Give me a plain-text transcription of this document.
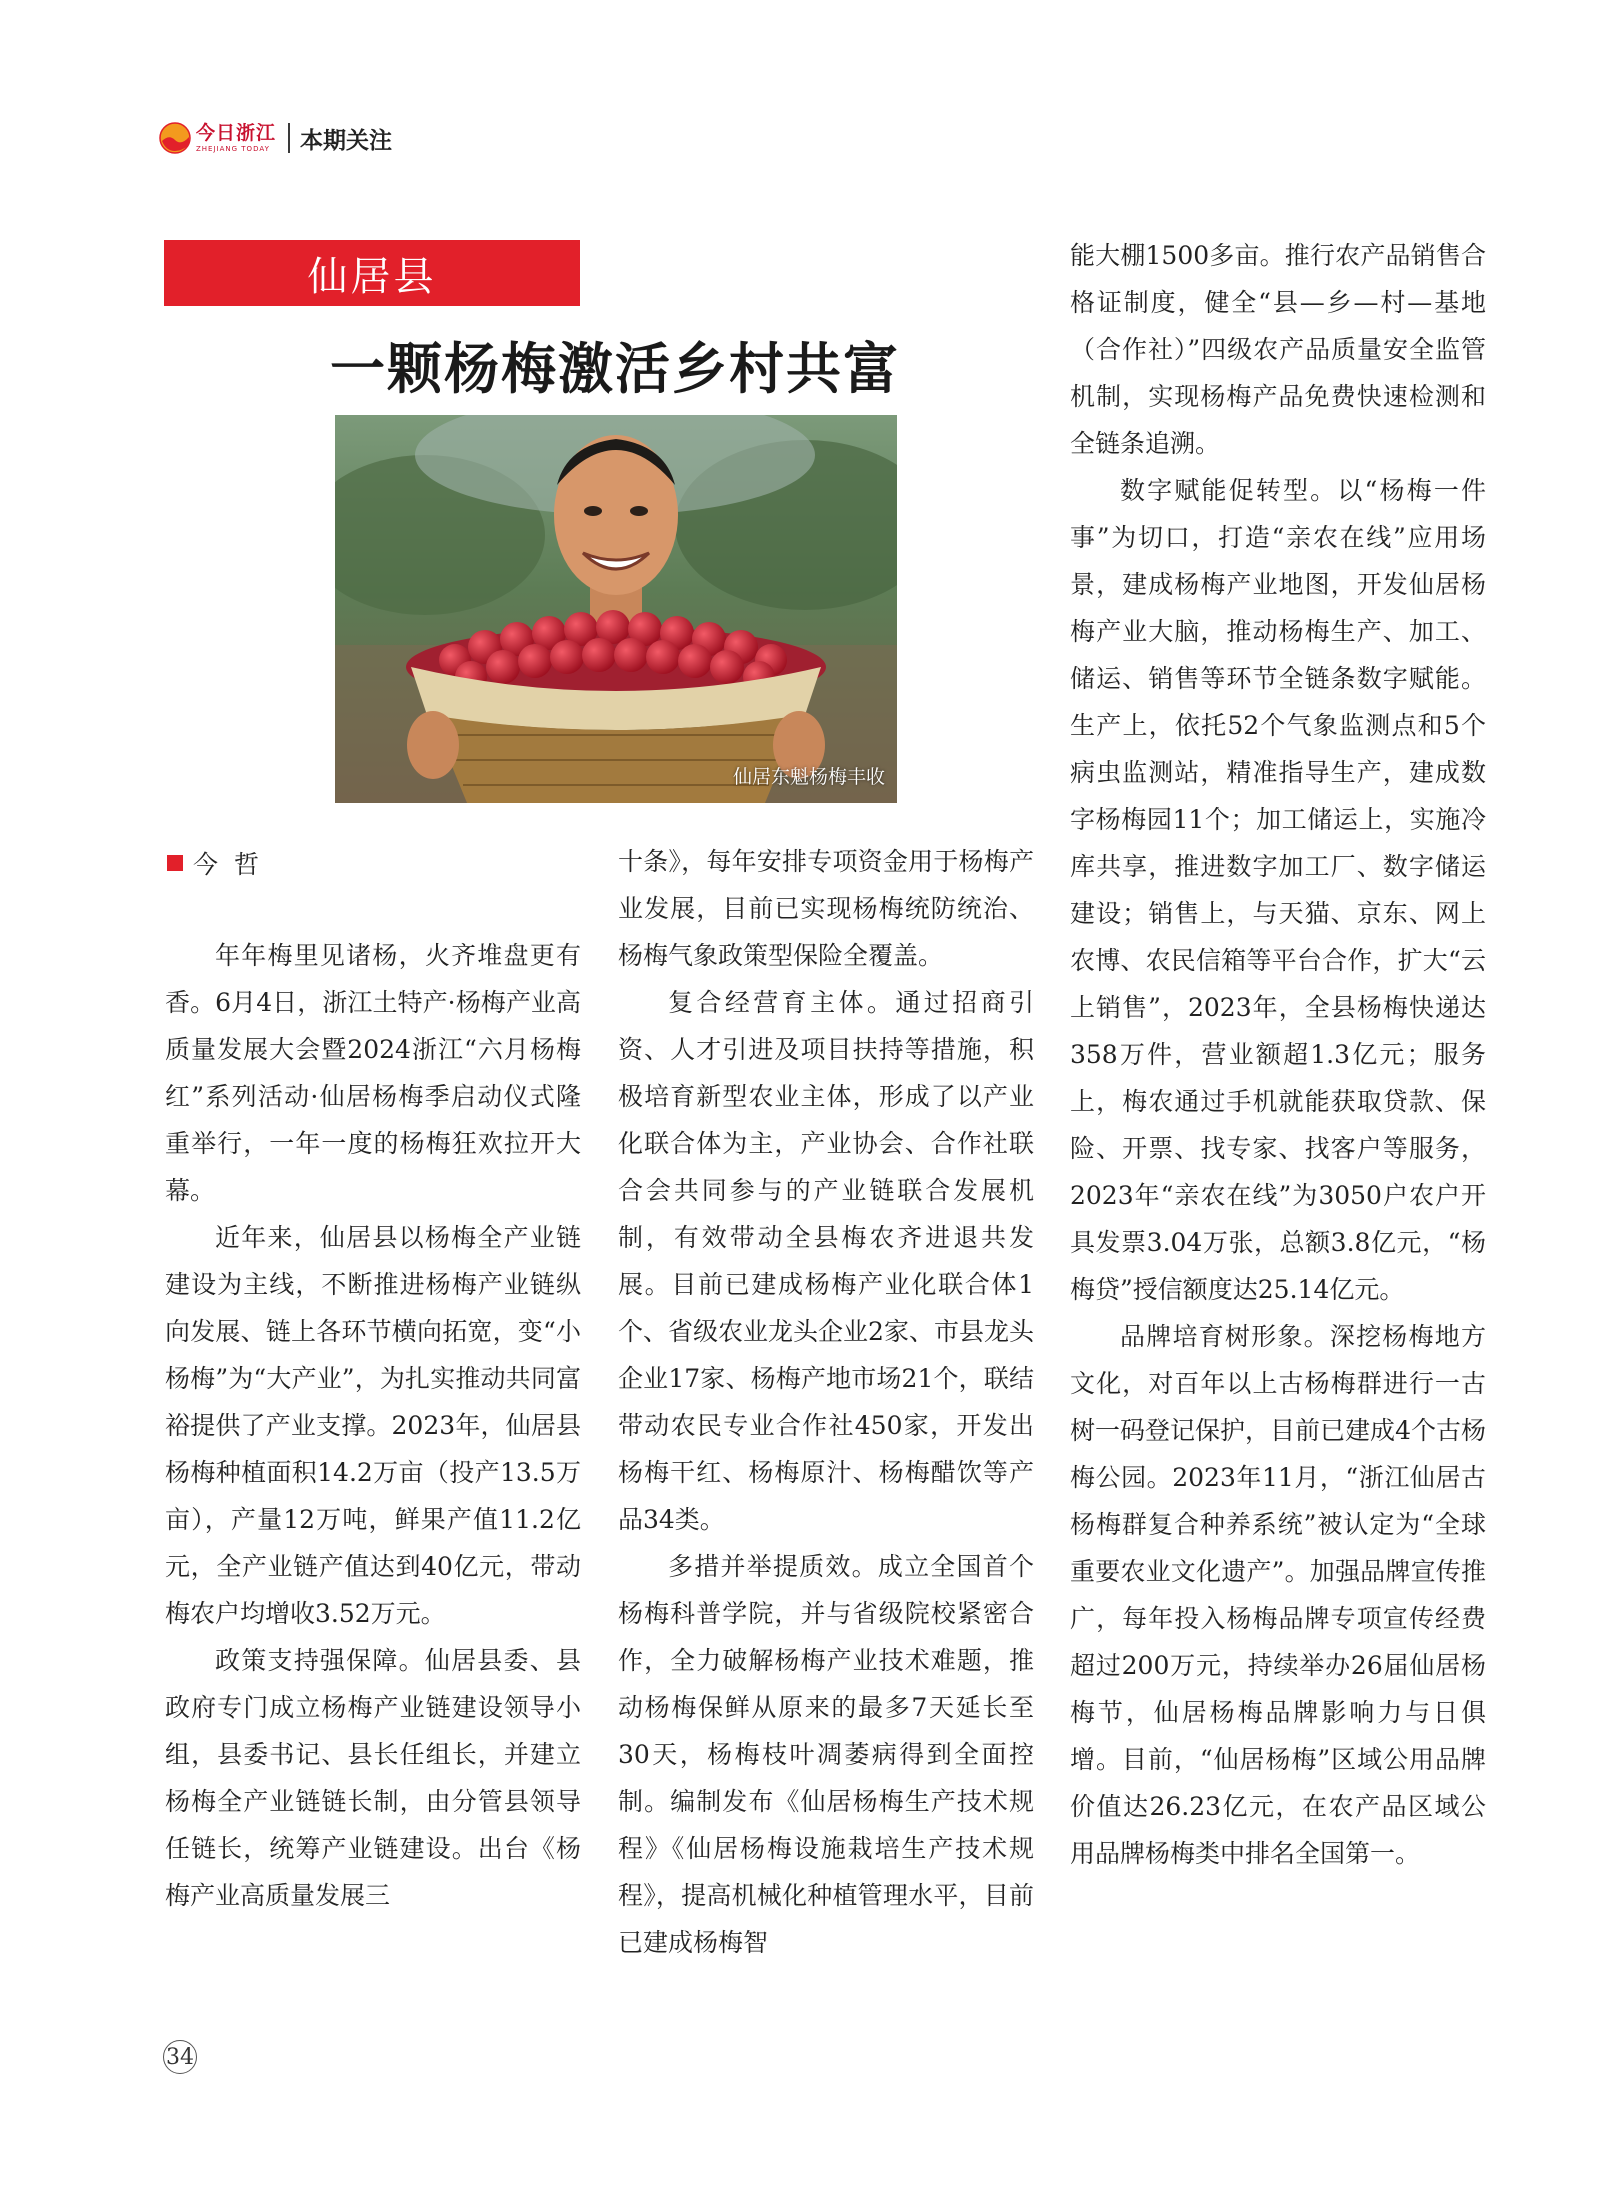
今日浙江
ZHEJIANG TODAY 本期关注
仙居县
一颗杨梅激活乡村共富
仙居东魁杨梅丰收
今哲

年年梅里见诸杨，火齐堆盘更有香。6月4日，浙江土特产·杨梅产业高质量发展大会暨2024浙江“六月杨梅红”系列活动·仙居杨梅季启动仪式隆重举行，一年一度的杨梅狂欢拉开大幕。

近年来，仙居县以杨梅全产业链建设为主线，不断推进杨梅产业链纵向发展、链上各环节横向拓宽，变“小杨梅”为“大产业”，为扎实推动共同富裕提供了产业支撑。2023年，仙居县杨梅种植面积14.2万亩（投产13.5万亩），产量12万吨，鲜果产值11.2亿元，全产业链产值达到40亿元，带动梅农户均增收3.52万元。

政策支持强保障。仙居县委、县政府专门成立杨梅产业链建设领导小组，县委书记、县长任组长，并建立杨梅全产业链链长制，由分管县领导任链长，统筹产业链建设。出台《杨梅产业高质量发展三

十条》，每年安排专项资金用于杨梅产业发展，目前已实现杨梅统防统治、杨梅气象政策型保险全覆盖。

复合经营育主体。通过招商引资、人才引进及项目扶持等措施，积极培育新型农业主体，形成了以产业化联合体为主，产业协会、合作社联合会共同参与的产业链联合发展机制，有效带动全县梅农齐进退共发展。目前已建成杨梅产业化联合体1个、省级农业龙头企业2家、市县龙头企业17家、杨梅产地市场21个，联结带动农民专业合作社450家，开发出杨梅干红、杨梅原汁、杨梅醋饮等产品34类。

多措并举提质效。成立全国首个杨梅科普学院，并与省级院校紧密合作，全力破解杨梅产业技术难题，推动杨梅保鲜从原来的最多7天延长至30天，杨梅枝叶凋萎病得到全面控制。编制发布《仙居杨梅生产技术规程》《仙居杨梅设施栽培生产技术规程》，提高机械化种植管理水平，目前已建成杨梅智

能大棚1500多亩。推行农产品销售合格证制度，健全“县—乡—村—基地（合作社）”四级农产品质量安全监管机制，实现杨梅产品免费快速检测和全链条追溯。

数字赋能促转型。以“杨梅一件事”为切口，打造“亲农在线”应用场景，建成杨梅产业地图，开发仙居杨梅产业大脑，推动杨梅生产、加工、储运、销售等环节全链条数字赋能。生产上，依托52个气象监测点和5个病虫监测站，精准指导生产，建成数字杨梅园11个；加工储运上，实施冷库共享，推进数字加工厂、数字储运建设；销售上，与天猫、京东、网上农博、农民信箱等平台合作，扩大“云上销售”，2023年，全县杨梅快递达358万件，营业额超1.3亿元；服务上，梅农通过手机就能获取贷款、保险、开票、找专家、找客户等服务，2023年“亲农在线”为3050户农户开具发票3.04万张，总额3.8亿元，“杨梅贷”授信额度达25.14亿元。

品牌培育树形象。深挖杨梅地方文化，对百年以上古杨梅群进行一古树一码登记保护，目前已建成4个古杨梅公园。2023年11月，“浙江仙居古杨梅群复合种养系统”被认定为“全球重要农业文化遗产”。加强品牌宣传推广，每年投入杨梅品牌专项宣传经费超过200万元，持续举办26届仙居杨梅节，仙居杨梅品牌影响力与日俱增。目前，“仙居杨梅”区域公用品牌价值达26.23亿元，在农产品区域公用品牌杨梅类中排名全国第一。

34
